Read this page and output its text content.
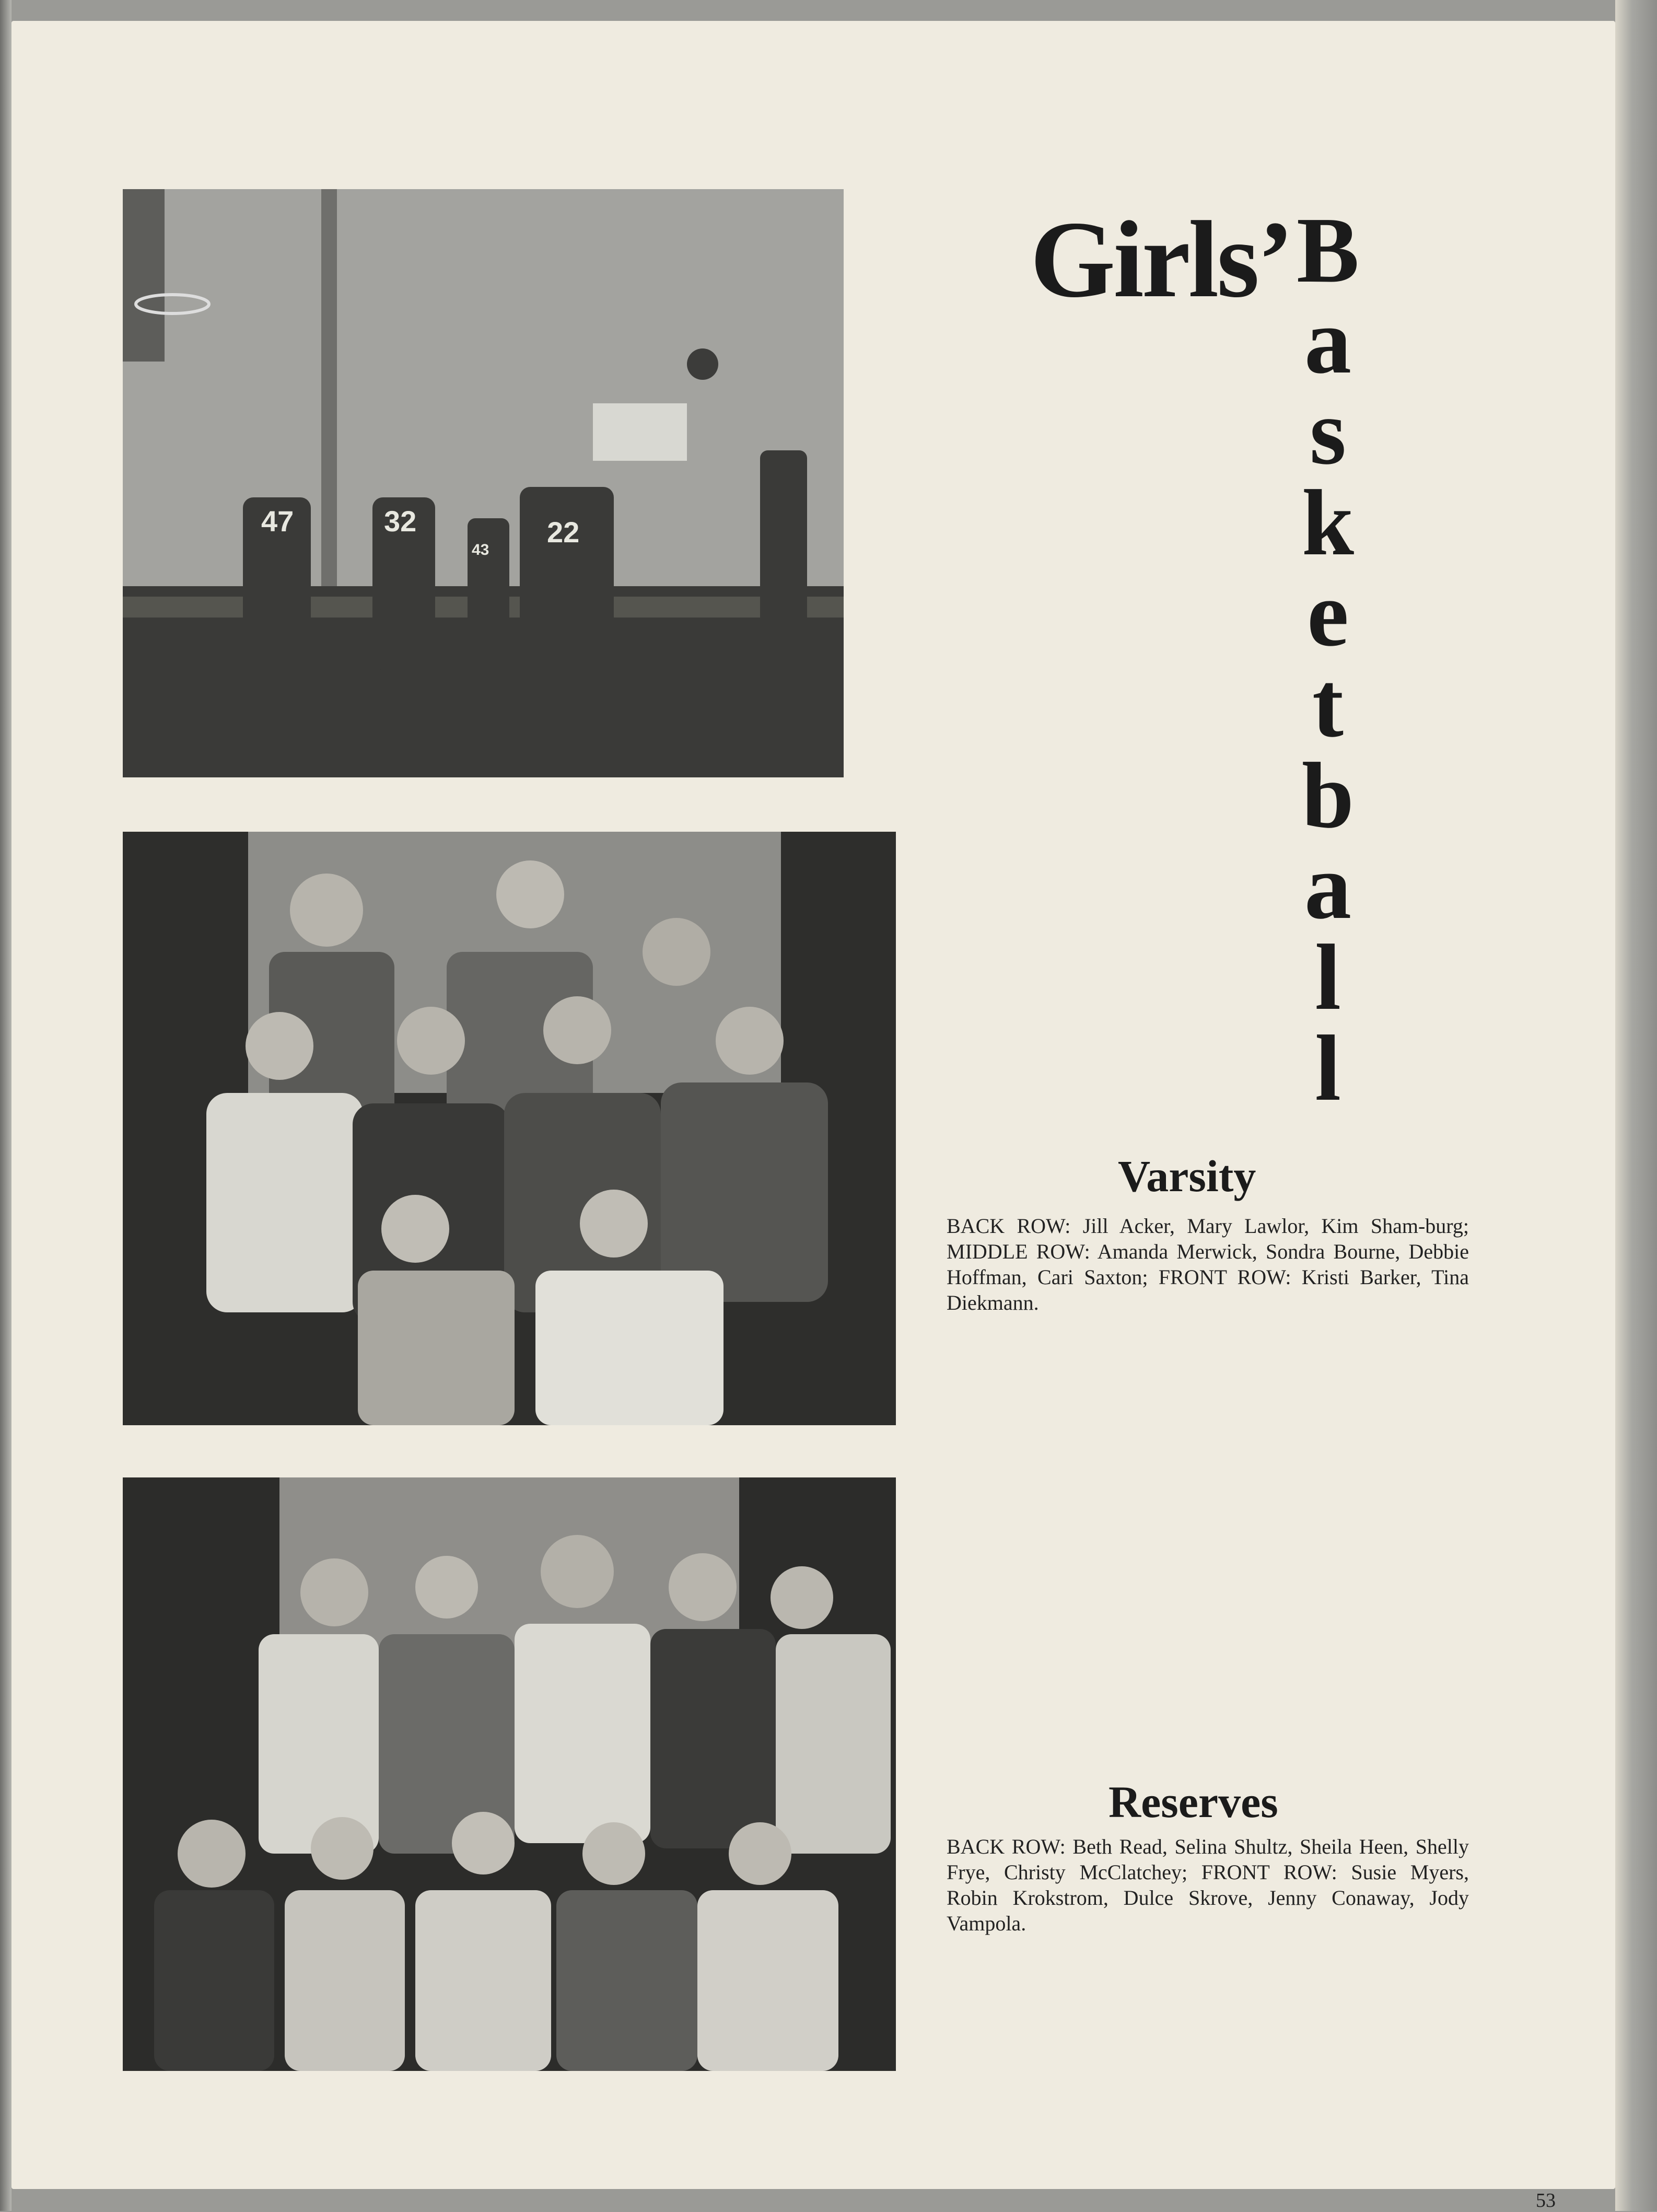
47	32
43
22
Girls’ B
a
s
k
e
t
b
a
l
l
Varsity
BACK ROW: Jill Acker, Mary Lawlor, Kim Sham-burg; MIDDLE ROW: Amanda Merwick, Sondra Bourne, Debbie Hoffman, Cari Saxton; FRONT ROW: Kristi Barker, Tina Diekmann.
Reserves
BACK ROW: Beth Read, Selina Shultz, Sheila Heen, Shelly Frye, Christy McClatchey; FRONT ROW: Susie Myers, Robin Krokstrom, Dulce Skrove, Jenny Conaway, Jody Vampola.
53
